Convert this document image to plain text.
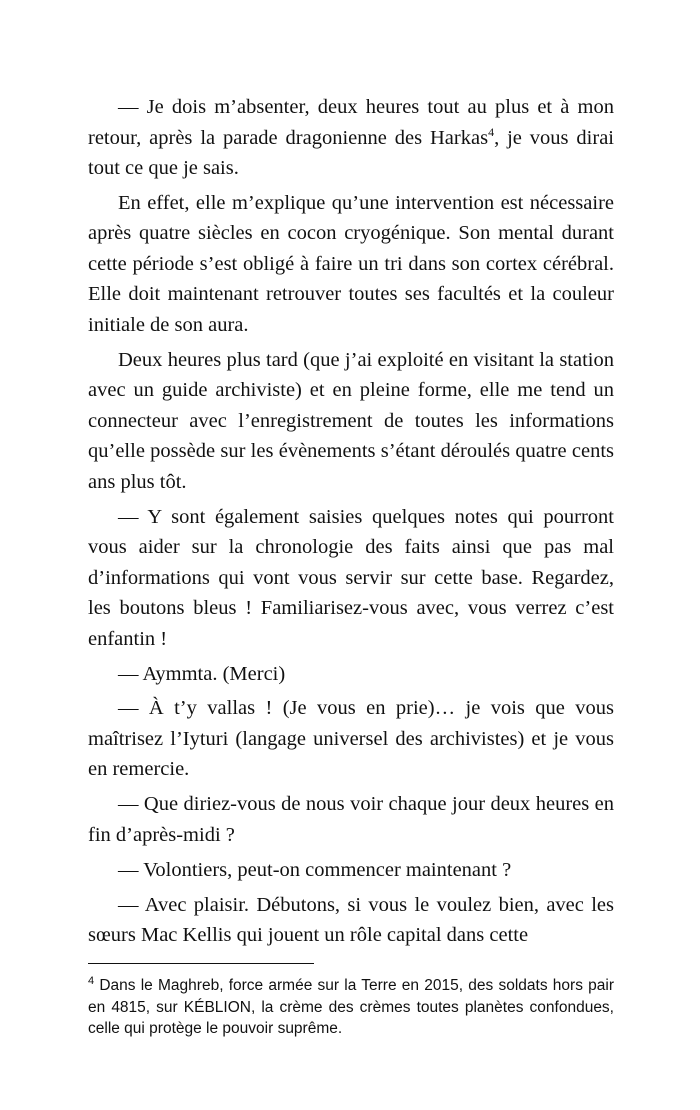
— Je dois m’absenter, deux heures tout au plus et à mon retour, après la parade dragonienne des Harkas$^4$, je vous dirai tout ce que je sais.

En effet, elle m’explique qu’une intervention est nécessaire après quatre siècles en cocon cryogénique. Son mental durant cette période s’est obligé à faire un tri dans son cortex cérébral. Elle doit maintenant retrouver toutes ses facultés et la couleur initiale de son aura.

Deux heures plus tard (que j’ai exploité en visitant la station avec un guide archiviste) et en pleine forme, elle me tend un connecteur avec l’enregistrement de toutes les informations qu’elle possède sur les évènements s’étant déroulés quatre cents ans plus tôt.

— Y sont également saisies quelques notes qui pourront vous aider sur la chronologie des faits ainsi que pas mal d’informations qui vont vous servir sur cette base. Regardez, les boutons bleus ! Familiarisez-vous avec, vous verrez c’est enfantin !

— Aymmta. (Merci)

— À t’y vallas ! (Je vous en prie)… je vois que vous maîtrisez l’Iyturi (langage universel des archivistes) et je vous en remercie.

— Que diriez-vous de nous voir chaque jour deux heures en fin d’après-midi ?

— Volontiers, peut-on commencer maintenant ?

— Avec plaisir. Débutons, si vous le voulez bien, avec les sœurs Mac Kellis qui jouent un rôle capital dans cette

$^4$ Dans le Maghreb, force armée sur la Terre en 2015, des soldats hors pair en 4815, sur KÉBLION, la crème des crèmes toutes planètes confondues, celle qui protège le pouvoir suprême.
